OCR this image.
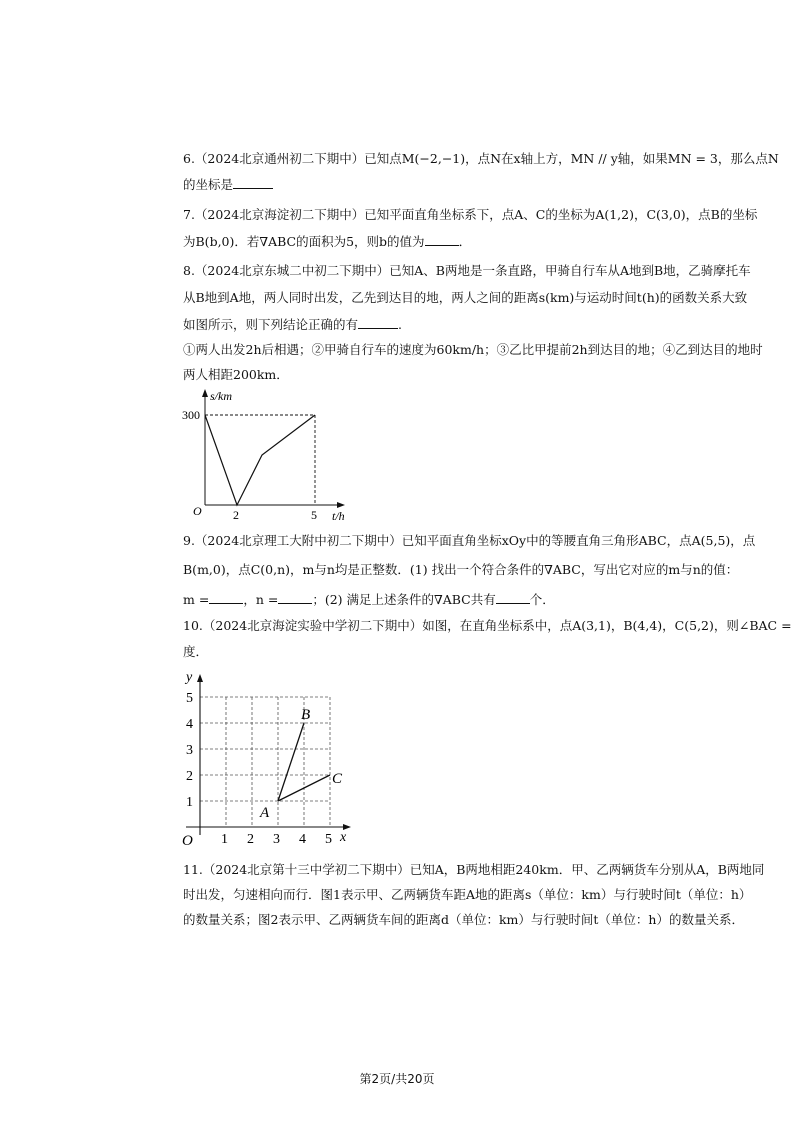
6.（2024北京通州初二下期中）已知点M(−2,−1)，点N在x轴上方，MN // y轴，如果MN = 3，那么点N
的坐标是
7.（2024北京海淀初二下期中）已知平面直角坐标系下，点A、C的坐标为A(1,2)，C(3,0)，点B的坐标
为B(b,0)．若∇ABC的面积为5，则b的值为	．
8.（2024北京东城二中初二下期中）已知A、B两地是一条直路，甲骑自行车从A地到B地，乙骑摩托车
从B地到A地，两人同时出发，乙先到达目的地，两人之间的距离s(km)与运动时间t(h)的函数关系大致
如图所示，则下列结论正确的有	.
①两人出发2h后相遇；②甲骑自行车的速度为60km/h；③乙比甲提前2h到达目的地；④乙到达目的地时
两人相距200km．
s/km
300
O	2	5 t/h
9.（2024北京理工大附中初二下期中）已知平面直角坐标xOy中的等腰直角三角形ABC，点A(5,5)，点
B(m,0)，点C(0,n)，m与n均是正整数．(1) 找出一个符合条件的∇ABC，写出它对应的m与n的值：
m =	，n =	；(2) 满足上述条件的∇ABC共有	个．
10.（2024北京海淀实验中学初二下期中）如图，在直角坐标系中，点A(3,1)，B(4,4)，C(5,2)，则∠BAC =
度．
y
x
O 1 2 3 4 5
1
2
3
4
5
A
B
C
11.（2024北京第十三中学初二下期中）已知A，B两地相距240km．甲、乙两辆货车分别从A，B两地同
时出发，匀速相向而行．图1表示甲、乙两辆货车距A地的距离s（单位：km）与行驶时间t（单位：h）
的数量关系；图2表示甲、乙两辆货车间的距离d（单位：km）与行驶时间t（单位：h）的数量关系．
第2页/共20页
